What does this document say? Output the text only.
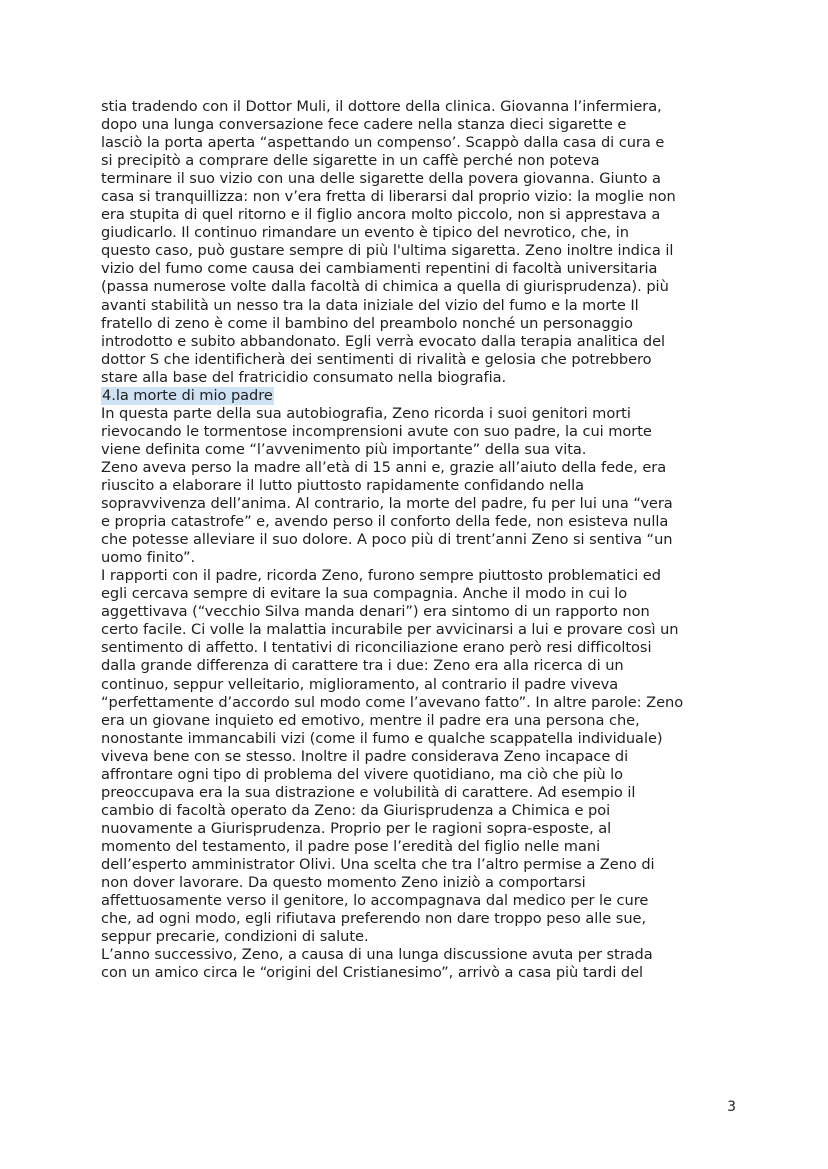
stia tradendo con il Dottor Muli, il dottore della clinica. Giovanna l’infermiera,
dopo una lunga conversazione fece cadere nella stanza dieci sigarette e
lasciò la porta aperta “aspettando un compenso’. Scappò dalla casa di cura e
si precipitò a comprare delle sigarette in un caffè perché non poteva
terminare il suo vizio con una delle sigarette della povera giovanna. Giunto a
casa si tranquillizza: non v’era fretta di liberarsi dal proprio vizio: la moglie non
era stupita di quel ritorno e il figlio ancora molto piccolo, non si apprestava a
giudicarlo. Il continuo rimandare un evento è tipico del nevrotico, che, in
questo caso, può gustare sempre di più l'ultima sigaretta. Zeno inoltre indica il
vizio del fumo come causa dei cambiamenti repentini di facoltà universitaria
(passa numerose volte dalla facoltà di chimica a quella di giurisprudenza). più
avanti stabilità un nesso tra la data iniziale del vizio del fumo e la morte Il
fratello di zeno è come il bambino del preambolo nonché un personaggio
introdotto e subito abbandonato. Egli verrà evocato dalla terapia analitica del
dottor S che identificherà dei sentimenti di rivalità e gelosia che potrebbero
stare alla base del fratricidio consumato nella biografia.
4.la morte di mio padre
In questa parte della sua autobiografia, Zeno ricorda i suoi genitori morti
rievocando le tormentose incomprensioni avute con suo padre, la cui morte
viene definita come “l’avvenimento più importante” della sua vita.
Zeno aveva perso la madre all’età di 15 anni e, grazie all’aiuto della fede, era
riuscito a elaborare il lutto piuttosto rapidamente confidando nella
sopravvivenza dell’anima. Al contrario, la morte del padre, fu per lui una “vera
e propria catastrofe” e, avendo perso il conforto della fede, non esisteva nulla
che potesse alleviare il suo dolore. A poco più di trent’anni Zeno si sentiva “un
uomo finito”.
I rapporti con il padre, ricorda Zeno, furono sempre piuttosto problematici ed
egli cercava sempre di evitare la sua compagnia. Anche il modo in cui lo
aggettivava (“vecchio Silva manda denari”) era sintomo di un rapporto non
certo facile. Ci volle la malattia incurabile per avvicinarsi a lui e provare così un
sentimento di affetto. I tentativi di riconciliazione erano però resi difficoltosi
dalla grande differenza di carattere tra i due: Zeno era alla ricerca di un
continuo, seppur velleitario, miglioramento, al contrario il padre viveva
“perfettamente d’accordo sul modo come l’avevano fatto”. In altre parole: Zeno
era un giovane inquieto ed emotivo, mentre il padre era una persona che,
nonostante immancabili vizi (come il fumo e qualche scappatella individuale)
viveva bene con se stesso. Inoltre il padre considerava Zeno incapace di
affrontare ogni tipo di problema del vivere quotidiano, ma ciò che più lo
preoccupava era la sua distrazione e volubilità di carattere. Ad esempio il
cambio di facoltà operato da Zeno: da Giurisprudenza a Chimica e poi
nuovamente a Giurisprudenza. Proprio per le ragioni sopra-esposte, al
momento del testamento, il padre pose l’eredità del figlio nelle mani
dell’esperto amministrator Olivi. Una scelta che tra l’altro permise a Zeno di
non dover lavorare. Da questo momento Zeno iniziò a comportarsi
affettuosamente verso il genitore, lo accompagnava dal medico per le cure
che, ad ogni modo, egli rifiutava preferendo non dare troppo peso alle sue,
seppur precarie, condizioni di salute.
L’anno successivo, Zeno, a causa di una lunga discussione avuta per strada
con un amico circa le “origini del Cristianesimo”, arrivò a casa più tardi del
3
